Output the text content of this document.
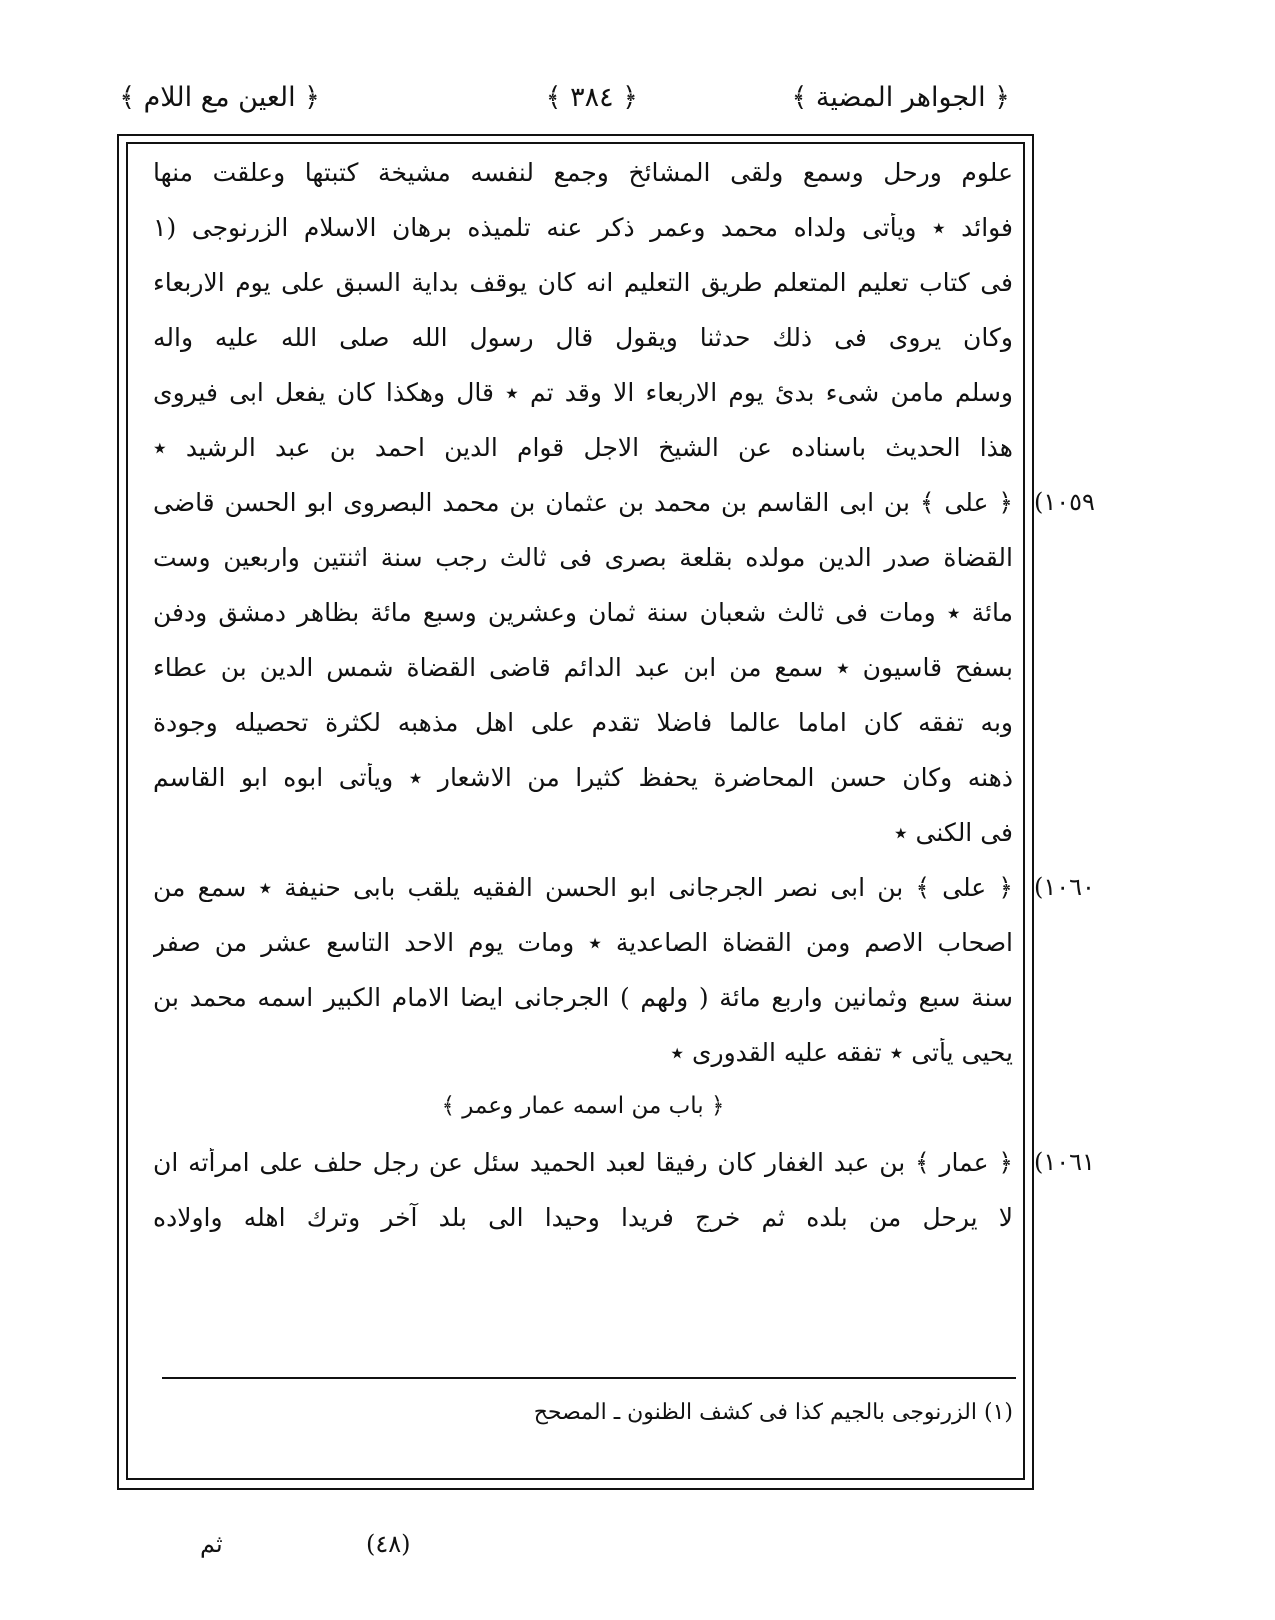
﴿ الجواهر المضية ﴾
﴿ ٣٨٤ ﴾
﴿ العين مع اللام ﴾
علوم ورحل وسمع ولقى المشائخ وجمع لنفسه مشيخة كتبتها وعلقت منها
فوائد ٭ ويأتى ولداه محمد وعمر ذكر عنه تلميذه برهان الاسلام الزرنوجى (١
فى كتاب تعليم المتعلم طريق التعليم انه كان يوقف بداية السبق على يوم الاربعاء
وكان يروى فى ذلك حدثنا ويقول قال رسول الله صلى الله عليه واله
وسلم مامن شىء بدئ يوم الاربعاء الا وقد تم ٭ قال وهكذا كان يفعل ابى فيروى
هذا الحديث باسناده عن الشيخ الاجل قوام الدين احمد بن عبد الرشيد ٭
﴿ على ﴾ بن ابى القاسم بن محمد بن عثمان بن محمد البصروى ابو الحسن قاضى
القضاة صدر الدين مولده بقلعة بصرى فى ثالث رجب سنة اثنتين واربعين وست
مائة ٭ ومات فى ثالث شعبان سنة ثمان وعشرين وسبع مائة بظاهر دمشق ودفن
بسفح قاسيون ٭ سمع من ابن عبد الدائم قاضى القضاة شمس الدين بن عطاء
وبه تفقه كان اماما عالما فاضلا تقدم على اهل مذهبه لكثرة تحصيله وجودة
ذهنه وكان حسن المحاضرة يحفظ كثيرا من الاشعار ٭ ويأتى ابوه ابو القاسم
فى الكنى ٭
﴿ على ﴾ بن ابى نصر الجرجانى ابو الحسن الفقيه يلقب بابى حنيفة ٭ سمع من
اصحاب الاصم ومن القضاة الصاعدية ٭ ومات يوم الاحد التاسع عشر من صفر
سنة سبع وثمانين واربع مائة ( ولهم ) الجرجانى ايضا الامام الكبير اسمه محمد بن
يحيى يأتى ٭ تفقه عليه القدورى ٭
﴿ باب من اسمه عمار وعمر ﴾
﴿ عمار ﴾ بن عبد الغفار كان رفيقا لعبد الحميد سئل عن رجل حلف على امرأته ان
لا يرحل من بلده ثم خرج فريدا وحيدا الى بلد آخر وترك اهله واولاده
(١٠٥٩
(١٠٦٠
(١٠٦١
(١) الزرنوجى بالجيم كذا فى كشف الظنون ـ المصحح
(٤٨)
ثم
